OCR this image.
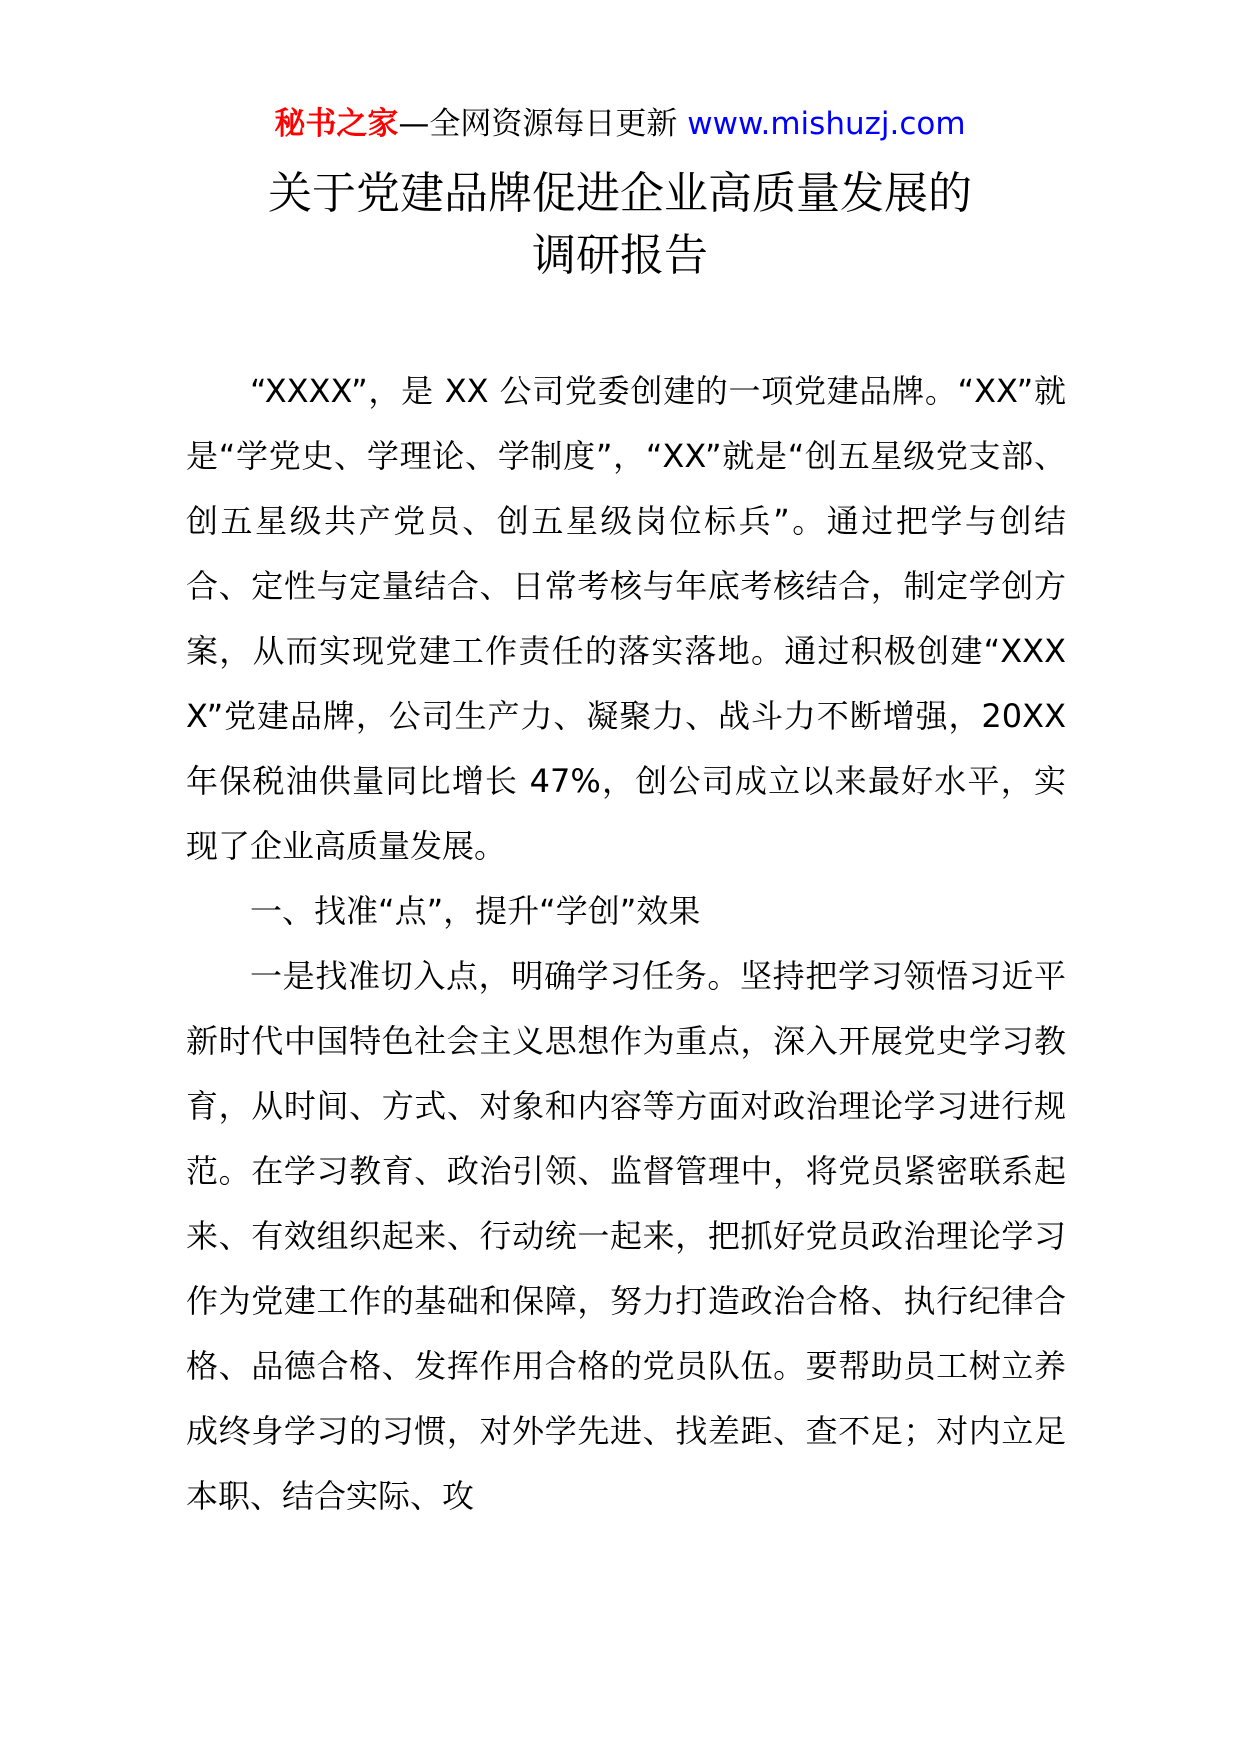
秘书之家—全网资源每日更新 www.mishuzj.com
关于党建品牌促进企业高质量发展的
调研报告

“XXXX”，是 XX 公司党委创建的一项党建品牌。“XX”就是“学党史、学理论、学制度”，“XX”就是“创五星级党支部、创五星级共产党员、创五星级岗位标兵”。通过把学与创结合、定性与定量结合、日常考核与年底考核结合，制定学创方案，从而实现党建工作责任的落实落地。通过积极创建“XXXX”党建品牌，公司生产力、凝聚力、战斗力不断增强，20XX 年保税油供量同比增长 47%，创公司成立以来最好水平，实现了企业高质量发展。

一、找准“点”，提升“学创”效果

一是找准切入点，明确学习任务。坚持把学习领悟习近平新时代中国特色社会主义思想作为重点，深入开展党史学习教育，从时间、方式、对象和内容等方面对政治理论学习进行规范。在学习教育、政治引领、监督管理中，将党员紧密联系起来、有效组织起来、行动统一起来，把抓好党员政治理论学习作为党建工作的基础和保障，努力打造政治合格、执行纪律合格、品德合格、发挥作用合格的党员队伍。要帮助员工树立养成终身学习的习惯，对外学先进、找差距、查不足；对内立足本职、结合实际、攻
